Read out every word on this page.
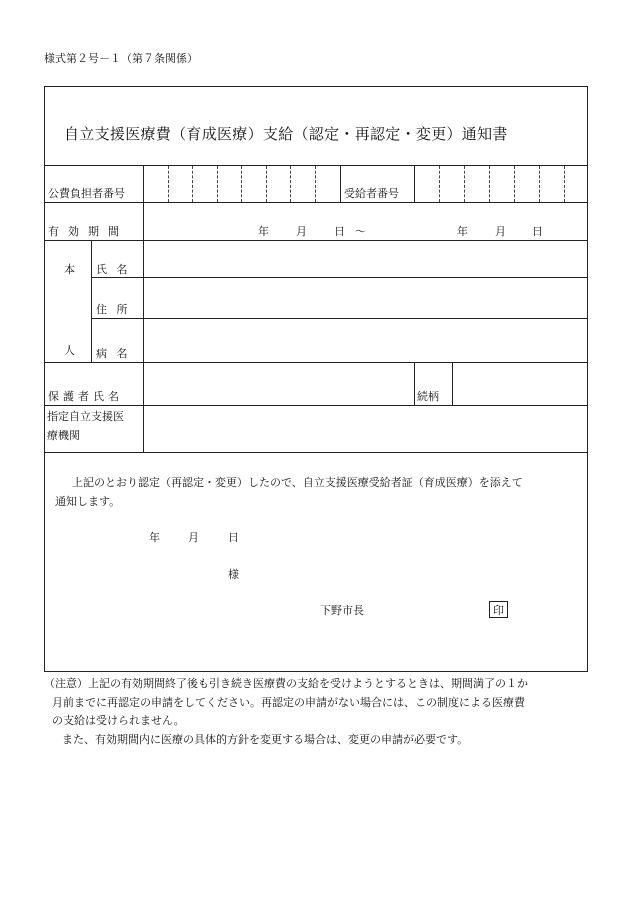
様式第２号－１（第７条関係）
自立支援医療費（育成医療）支給（認定・再認定・変更）通知書
公費負担者番号	受給者番号
有効期間	年 月 日 ～	年 月 日
本
人
氏 名
住 所
病 名
保護者氏名	続柄
指定自立支援医
療機関
上記のとおり認定（再認定・変更）したので、自立支援医療受給者証（育成医療）を添えて
通知します。
年	月	日
様
下野市長	印
（注意）上記の有効期間終了後も引き続き医療費の支給を受けようとするときは、期間満了の１か
月前までに再認定の申請をしてください。再認定の申請がない場合には、この制度による医療費
の支給は受けられません。
また、有効期間内に医療の具体的方針を変更する場合は、変更の申請が必要です。
